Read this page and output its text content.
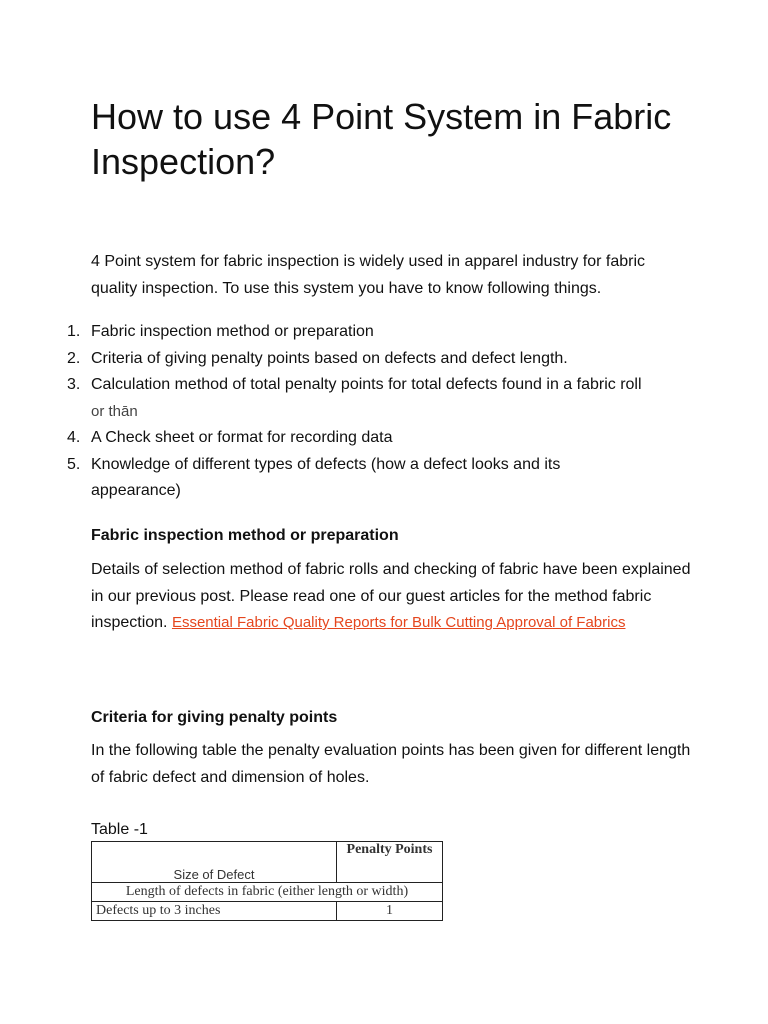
How to use 4 Point System in Fabric Inspection?

4 Point system for fabric inspection is widely used in apparel industry for fabric quality inspection. To use this system you have to know following things.

1. Fabric inspection method or preparation
2. Criteria of giving penalty points based on defects and defect length.
3. Calculation method of total penalty points for total defects found in a fabric roll
or thān
4. A Check sheet or format for recording data
5. Knowledge of different types of defects (how a defect looks and its appearance)
Fabric inspection method or preparation

Details of selection method of fabric rolls and checking of fabric have been explained in our previous post. Please read one of our guest articles for the method fabric inspection. Essential Fabric Quality Reports for Bulk Cutting Approval of Fabrics

Criteria for giving penalty points

In the following table the penalty evaluation points has been given for different length of fabric defect and dimension of holes.

Table -1
Size of Defect	Penalty Points
Length of defects in fabric (either length or width)	
Defects up to 3 inches	1
